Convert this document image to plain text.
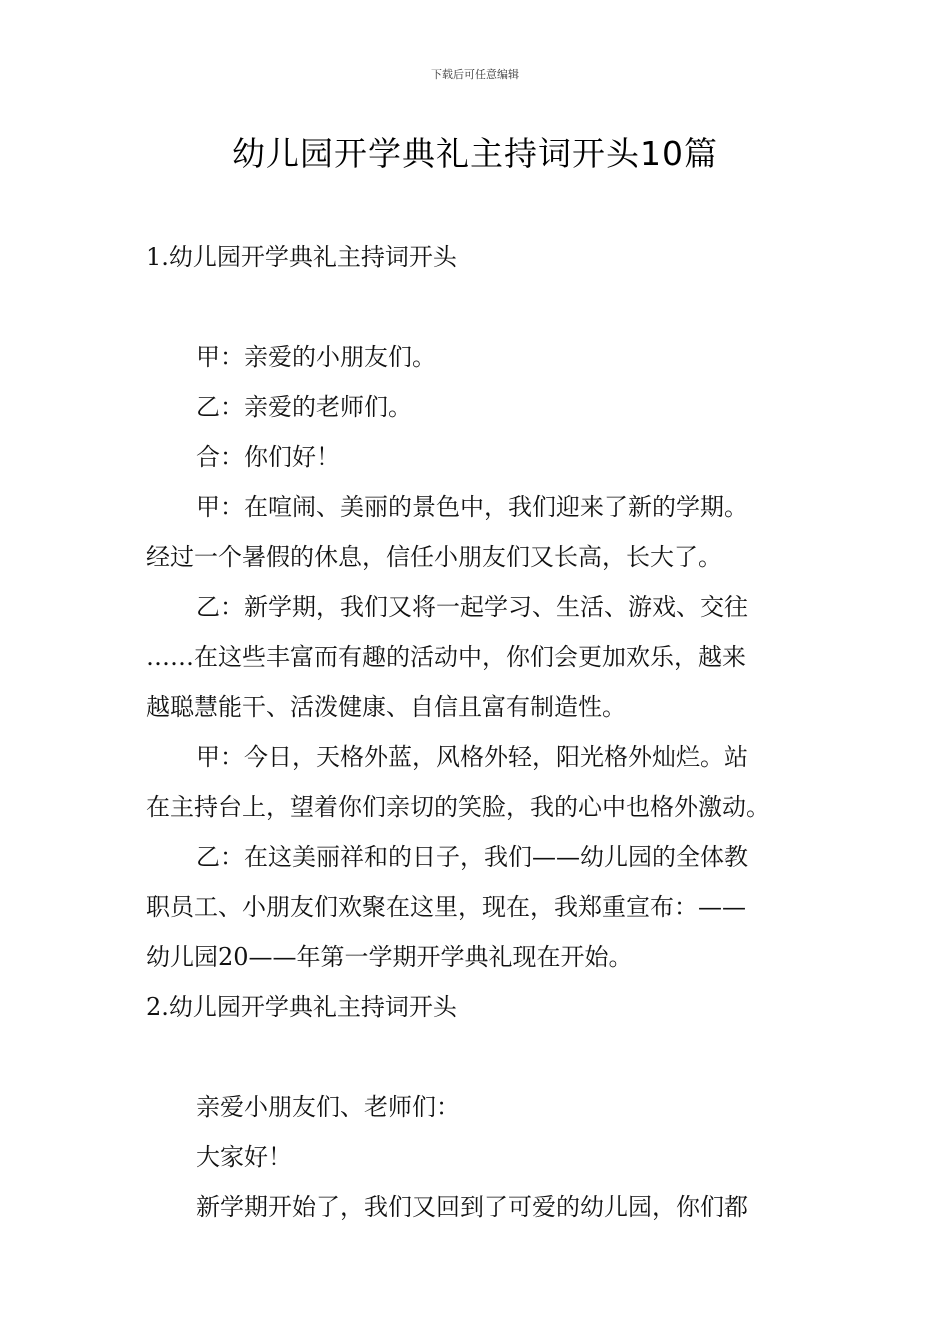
下载后可任意编辑
幼儿园开学典礼主持词开头10篇
1.幼儿园开学典礼主持词开头
甲：亲爱的小朋友们。
乙：亲爱的老师们。
合：你们好！
甲：在喧闹、美丽的景色中，我们迎来了新的学期。
经过一个暑假的休息，信任小朋友们又长高，长大了。
乙：新学期，我们又将一起学习、生活、游戏、交往
……在这些丰富而有趣的活动中，你们会更加欢乐，越来
越聪慧能干、活泼健康、自信且富有制造性。
甲：今日，天格外蓝，风格外轻，阳光格外灿烂。站
在主持台上，望着你们亲切的笑脸，我的心中也格外激动。
乙：在这美丽祥和的日子，我们——幼儿园的全体教
职员工、小朋友们欢聚在这里，现在，我郑重宣布：——
幼儿园20——年第一学期开学典礼现在开始。
2.幼儿园开学典礼主持词开头
亲爱小朋友们、老师们：
大家好！
新学期开始了，我们又回到了可爱的幼儿园，你们都
